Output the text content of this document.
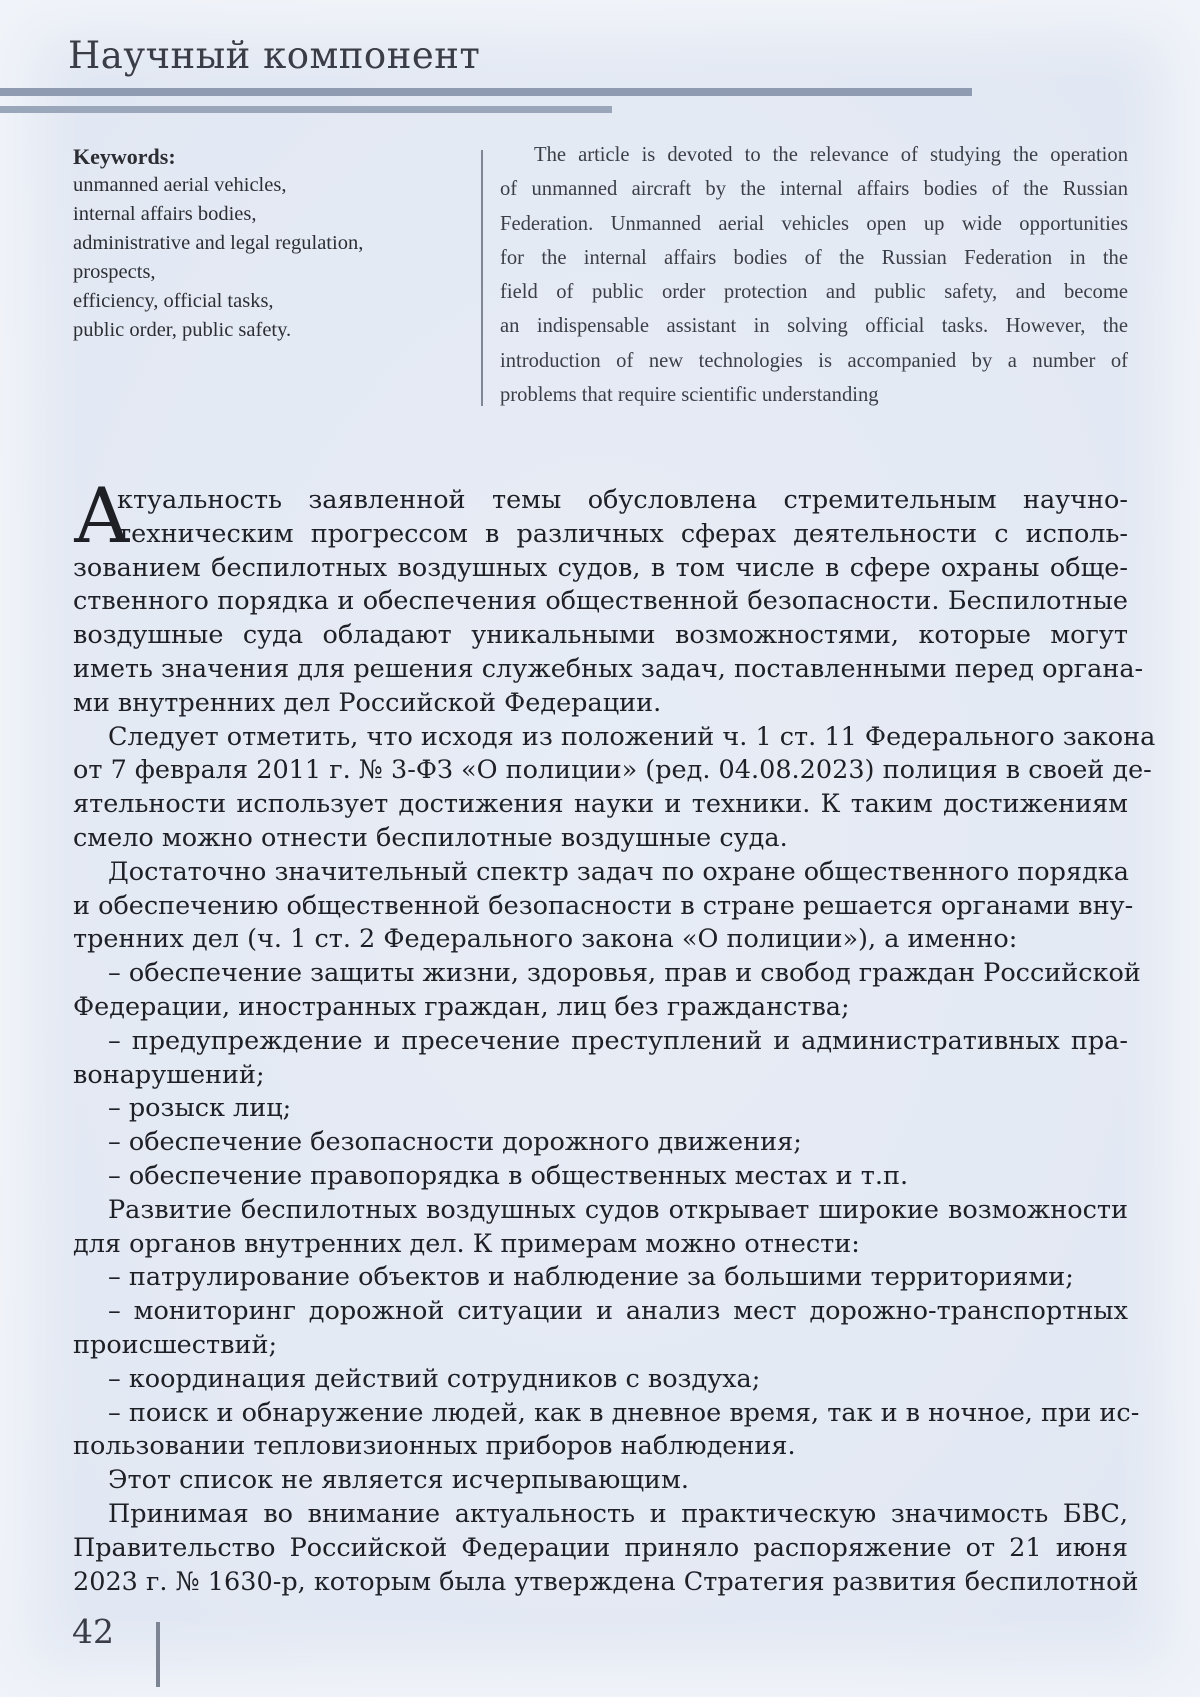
Научный компонент
Keywords:
unmanned aerial vehicles,
internal affairs bodies,
administrative and legal regulation,
prospects,
efficiency, official tasks,
public order, public safety.
The article is devoted to the relevance of studying the operation
of unmanned aircraft by the internal affairs bodies of the Russian
Federation. Unmanned aerial vehicles open up wide opportunities
for the internal affairs bodies of the Russian Federation in the
field of public order protection and public safety, and become
an indispensable assistant in solving official tasks. However, the
introduction of new technologies is accompanied by a number of
problems that require scientific understanding
А
ктуальность заявленной темы обусловлена стремительным научно-
техническим прогрессом в различных сферах деятельности с исполь-
зованием беспилотных воздушных судов, в том числе в сфере охраны обще-
ственного порядка и обеспечения общественной безопасности. Беспилотные
воздушные суда обладают уникальными возможностями, которые могут
иметь значения для решения служебных задач, поставленными перед органа-
ми внутренних дел Российской Федерации.
Следует отметить, что исходя из положений ч. 1 ст. 11 Федерального закона
от 7 февраля 2011 г. № 3-ФЗ «О полиции» (ред. 04.08.2023) полиция в своей де-
ятельности использует достижения науки и техники. К таким достижениям
смело можно отнести беспилотные воздушные суда.
Достаточно значительный спектр задач по охране общественного порядка
и обеспечению общественной безопасности в стране решается органами вну-
тренних дел (ч. 1 ст. 2 Федерального закона «О полиции»), а именно:
– обеспечение защиты жизни, здоровья, прав и свобод граждан Российской
Федерации, иностранных граждан, лиц без гражданства;
– предупреждение и пресечение преступлений и административных пра-
вонарушений;
– розыск лиц;
– обеспечение безопасности дорожного движения;
– обеспечение правопорядка в общественных местах и т.п.
Развитие беспилотных воздушных судов открывает широкие возможности
для органов внутренних дел. К примерам можно отнести:
– патрулирование объектов и наблюдение за большими территориями;
– мониторинг дорожной ситуации и анализ мест дорожно-транспортных
происшествий;
– координация действий сотрудников с воздуха;
– поиск и обнаружение людей, как в дневное время, так и в ночное, при ис-
пользовании тепловизионных приборов наблюдения.
Этот список не является исчерпывающим.
Принимая во внимание актуальность и практическую значимость БВС,
Правительство Российской Федерации приняло распоряжение от 21 июня
2023 г. № 1630-р, которым была утверждена Стратегия развития беспилотной
42
